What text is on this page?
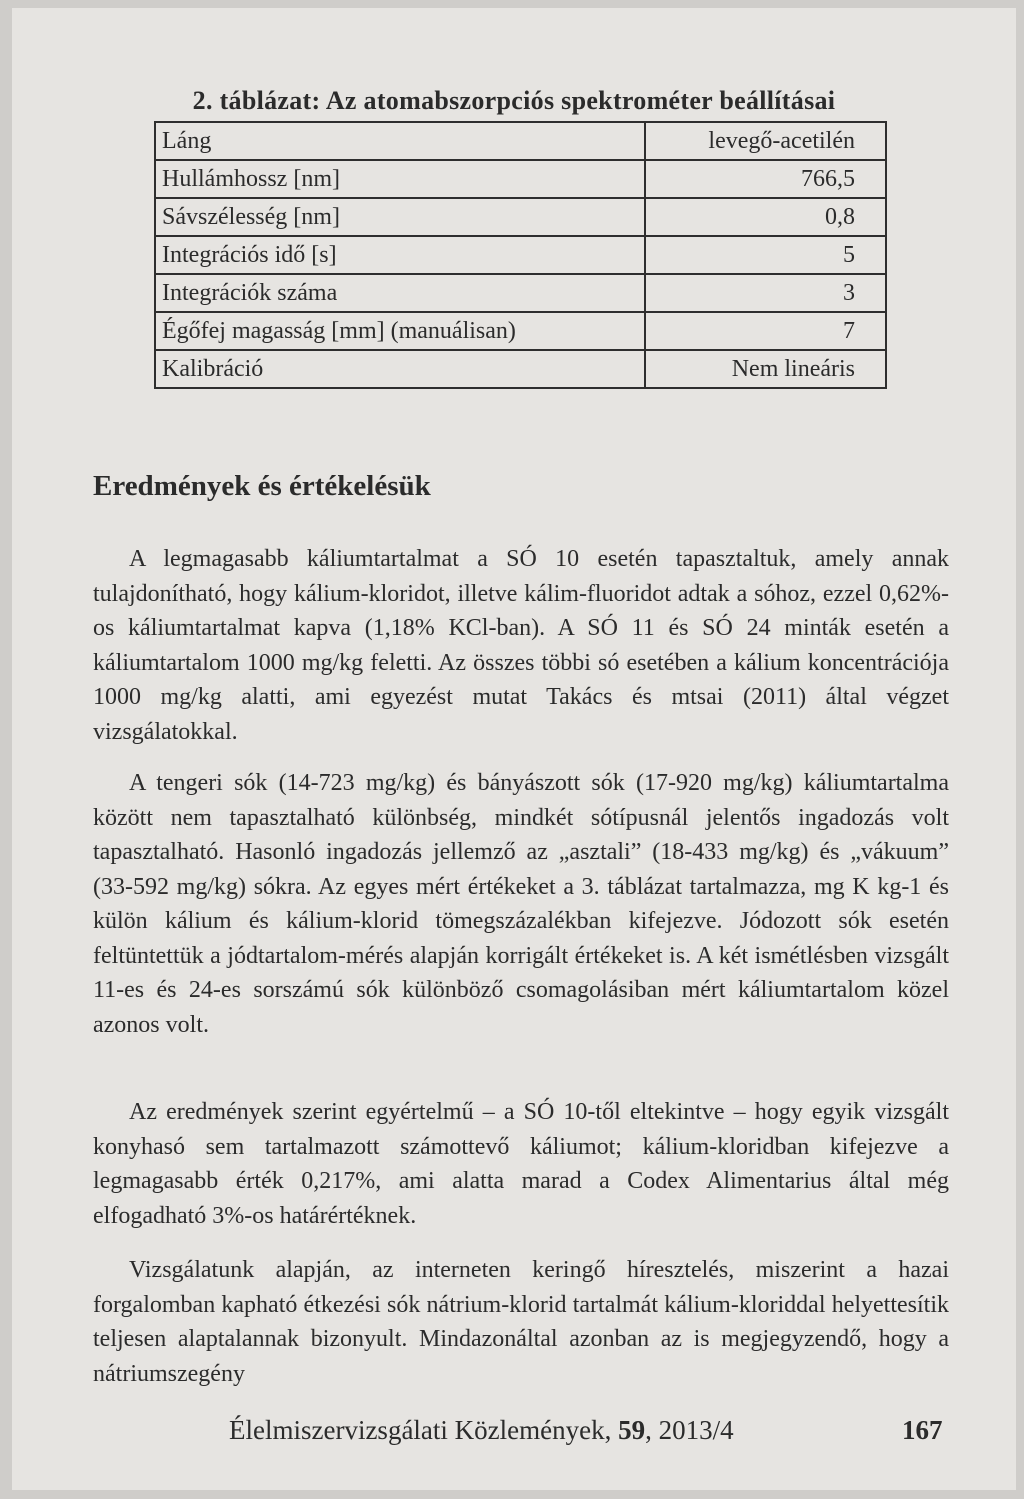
2. táblázat: Az atomabszorpciós spektrométer beállításai
Láng	levegő-acetilén
Hullámhossz [nm]	766,5
Sávszélesség [nm]	0,8
Integrációs idő [s]	5
Integrációk száma	3
Égőfej magasság [mm] (manuálisan)	7
Kalibráció	Nem lineáris
Eredmények és értékelésük

A legmagasabb káliumtartalmat a SÓ 10 esetén tapasztaltuk, amely annak tulajdonítható, hogy kálium-kloridot, illetve kálim-fluoridot adtak a sóhoz, ezzel 0,62%-os káliumtartalmat kapva (1,18% KCl-ban). A SÓ 11 és SÓ 24 minták esetén a káliumtartalom 1000 mg/kg feletti. Az összes többi só esetében a kálium koncentrációja 1000 mg/kg alatti, ami egyezést mutat Takács és mtsai (2011) által végzet vizsgálatokkal.

A tengeri sók (14-723 mg/kg) és bányászott sók (17-920 mg/kg) káliumtartalma között nem tapasztalható különbség, mindkét sótípusnál jelentős ingadozás volt tapasztalható. Hasonló ingadozás jellemző az „asztali” (18-433 mg/kg) és „vákuum” (33-592 mg/kg) sókra. Az egyes mért értékeket a 3. táblázat tartalmazza, mg K kg-1 és külön kálium és kálium-klorid tömegszázalékban kifejezve. Jódozott sók esetén feltüntettük a jódtartalom-mérés alapján korrigált értékeket is. A két ismétlésben vizsgált 11-es és 24-es sorszámú sók különböző csomagolásiban mért káliumtartalom közel azonos volt.

Az eredmények szerint egyértelmű – a SÓ 10-től eltekintve – hogy egyik vizsgált konyhasó sem tartalmazott számottevő káliumot; kálium-kloridban kifejezve a legmagasabb érték 0,217%, ami alatta marad a Codex Alimentarius által még elfogadható 3%-os határértéknek.

Vizsgálatunk alapján, az interneten keringő híresztelés, miszerint a hazai forgalomban kapható étkezési sók nátrium-klorid tartalmát kálium-kloriddal helyettesítik teljesen alaptalannak bizonyult. Mindazonáltal azonban az is megjegyzendő, hogy a nátriumszegény

Élelmiszervizsgálati Közlemények, 59, 2013/4	167
